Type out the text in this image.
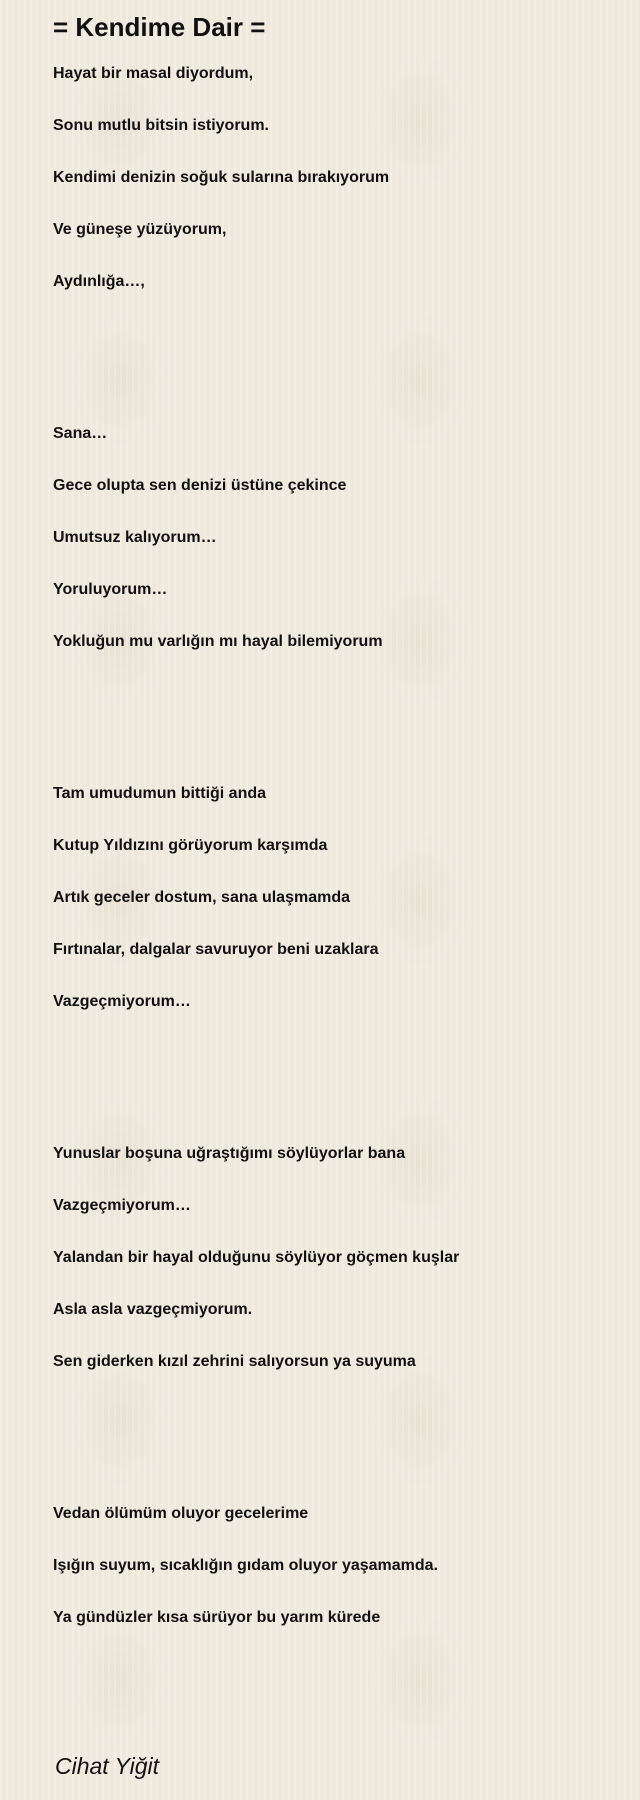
= Kendime Dair =

Hayat bir masal diyordum,

Sonu mutlu bitsin istiyorum.

Kendimi denizin soğuk sularına bırakıyorum

Ve güneşe yüzüyorum,

Aydınlığa…,

Sana…

Gece olupta sen denizi üstüne çekince

Umutsuz kalıyorum…

Yoruluyorum…

Yokluğun mu varlığın mı hayal bilemiyorum

Tam umudumun bittiği anda

Kutup Yıldızını görüyorum karşımda

Artık geceler dostum, sana ulaşmamda

Fırtınalar, dalgalar savuruyor beni uzaklara

Vazgeçmiyorum…

Yunuslar boşuna uğraştığımı söylüyorlar bana

Vazgeçmiyorum…

Yalandan bir hayal olduğunu söylüyor göçmen kuşlar

Asla asla vazgeçmiyorum.

Sen giderken kızıl zehrini salıyorsun ya suyuma

Vedan ölümüm oluyor gecelerime

Işığın suyum, sıcaklığın gıdam oluyor yaşamamda.

Ya gündüzler kısa sürüyor bu yarım kürede

Cihat Yiğit
